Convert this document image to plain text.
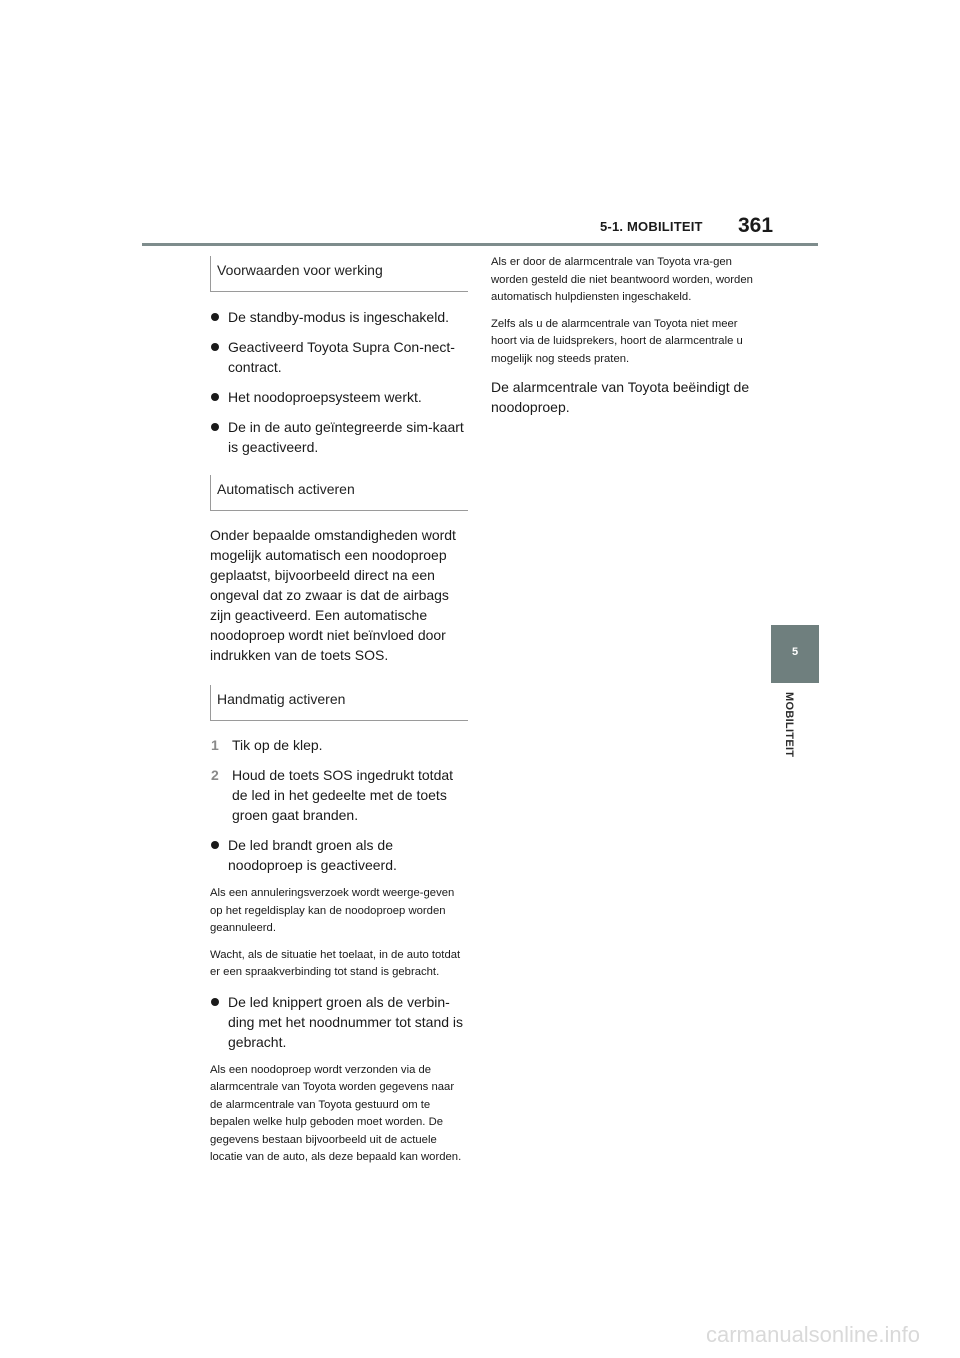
5-1. MOBILITEIT 361
5
MOBILITEIT
Voorwaarden voor werking
De standby-modus is ingeschakeld.
Geactiveerd Toyota Supra Con-nect-contract.
Het noodoproepsysteem werkt.
De in de auto geïntegreerde sim-kaart is geactiveerd.
Automatisch activeren

Onder bepaalde omstandigheden wordt mogelijk automatisch een noodoproep geplaatst, bijvoorbeeld direct na een ongeval dat zo zwaar is dat de airbags zijn geactiveerd. Een automatische noodoproep wordt niet beïnvloed door indrukken van de toets SOS.

Handmatig activeren
1 Tik op de klep.
2 Houd de toets SOS ingedrukt totdat de led in het gedeelte met de toets groen gaat branden.
De led brandt groen als de noodoproep is geactiveerd.

Als een annuleringsverzoek wordt weerge-geven op het regeldisplay kan de noodoproep worden geannuleerd.

Wacht, als de situatie het toelaat, in de auto totdat er een spraakverbinding tot stand is gebracht.

De led knippert groen als de verbin-ding met het noodnummer tot stand is gebracht.

Als een noodoproep wordt verzonden via de alarmcentrale van Toyota worden gegevens naar de alarmcentrale van Toyota gestuurd om te bepalen welke hulp geboden moet worden. De gegevens bestaan bijvoorbeeld uit de actuele locatie van de auto, als deze bepaald kan worden.

Als er door de alarmcentrale van Toyota vra-gen worden gesteld die niet beantwoord worden, worden automatisch hulpdiensten ingeschakeld.

Zelfs als u de alarmcentrale van Toyota niet meer hoort via de luidsprekers, hoort de alarmcentrale u mogelijk nog steeds praten.

De alarmcentrale van Toyota beëindigt de noodoproep.

carmanualsonline.info
